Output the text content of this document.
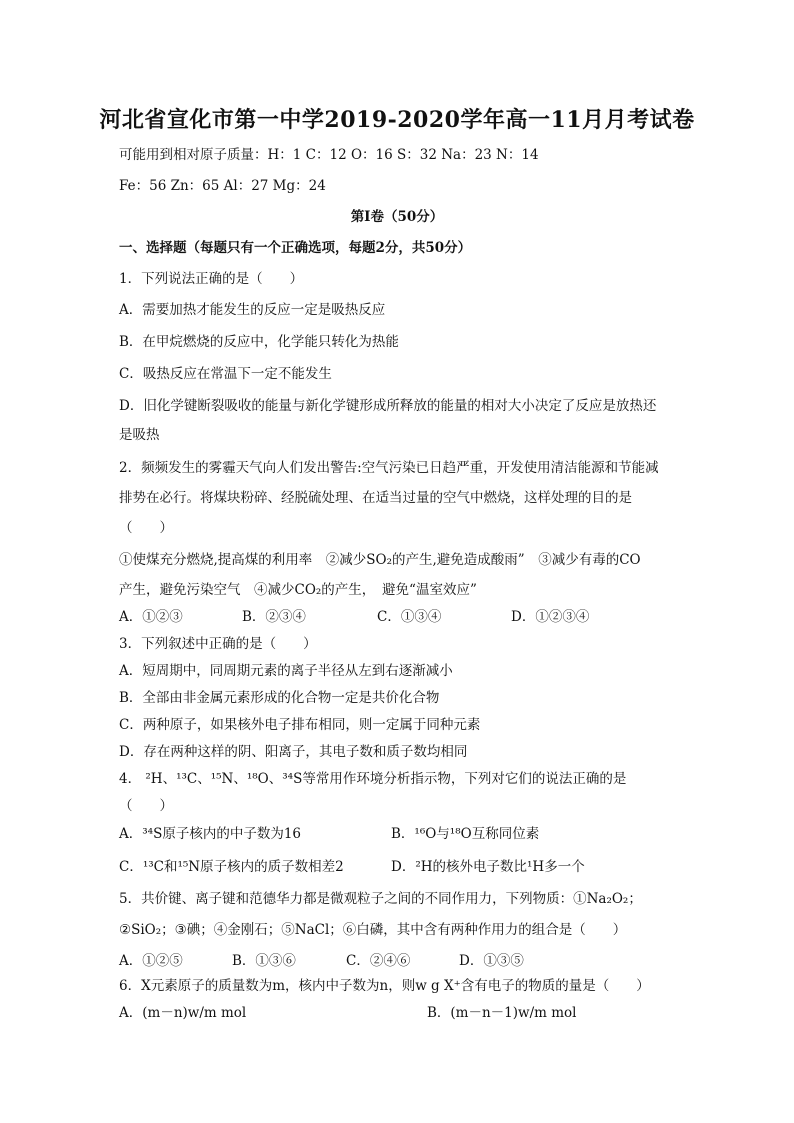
河北省宣化市第一中学2019-2020学年高一11月月考试卷
可能用到相对原子质量：H：1 C：12 O：16 S：32 Na：23 N：14
Fe：56 Zn：65 Al：27 Mg：24
第Ⅰ卷（50分）
一、选择题（每题只有一个正确选项，每题2分，共50分）
1．下列说法正确的是（　　）
A．需要加热才能发生的反应一定是吸热反应
B．在甲烷燃烧的反应中，化学能只转化为热能
C．吸热反应在常温下一定不能发生
D．旧化学键断裂吸收的能量与新化学键形成所释放的能量的相对大小决定了反应是放热还
是吸热
2．频频发生的雾霾天气向人们发出警告:空气污染已日趋严重，开发使用清洁能源和节能减
排势在必行。将煤块粉碎、经脱硫处理、在适当过量的空气中燃烧，这样处理的目的是
（　　）
①使煤充分燃烧,提高煤的利用率　②减少SO₂的产生,避免造成酸雨”　③减少有毒的CO
产生，避免污染空气　④减少CO₂的产生，　避免“温室效应”
A．①②③	B．②③④	C．①③④	D．①②③④
3．下列叙述中正确的是（　　）
A．短周期中，同周期元素的离子半径从左到右逐渐减小
B．全部由非金属元素形成的化合物一定是共价化合物
C．两种原子，如果核外电子排布相同，则一定属于同种元素
D．存在两种这样的阴、阳离子，其电子数和质子数均相同
4． ²H、¹³C、¹⁵N、¹⁸O、³⁴S等常用作环境分析指示物，下列对它们的说法正确的是
（　　）
A．³⁴S原子核内的中子数为16	B．¹⁶O与¹⁸O互称同位素
C．¹³C和¹⁵N原子核内的质子数相差2	D．²H的核外电子数比¹H多一个
5．共价键、离子键和范德华力都是微观粒子之间的不同作用力，下列物质：①Na₂O₂；
②SiO₂；③碘；④金刚石；⑤NaCl；⑥白磷，其中含有两种作用力的组合是（　　）
A．①②⑤	B．①③⑥	C．②④⑥	D．①③⑤
6．X元素原子的质量数为m，核内中子数为n，则w g X⁺含有电子的物质的量是（　　）
A．(m－n)w/m mol	B．(m－n－1)w/m mol
